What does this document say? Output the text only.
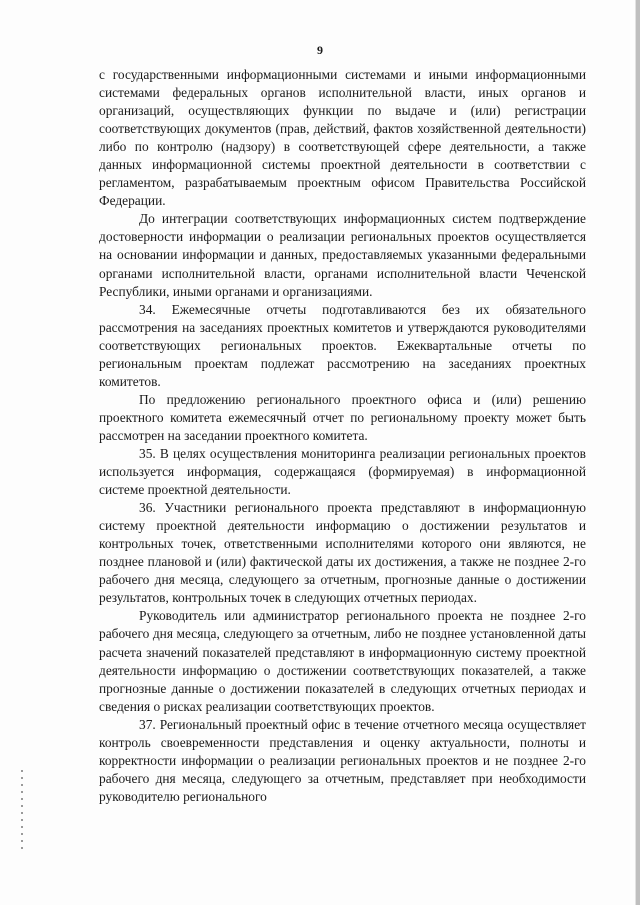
9

с государственными информационными системами и иными информационными системами федеральных органов исполнительной власти, иных органов и организаций, осуществляющих функции по выдаче и (или) регистрации соответствующих документов (прав, действий, фактов хозяйственной деятельности) либо по контролю (надзору) в соответствующей сфере деятельности, а также данных информационной системы проектной деятельности в соответствии с регламентом, разрабатываемым проектным офисом Правительства Российской Федерации.

До интеграции соответствующих информационных систем подтверждение достоверности информации о реализации региональных проектов осуществляется на основании информации и данных, предоставляемых указанными федеральными органами исполнительной власти, органами исполнительной власти Чеченской Республики, иными органами и организациями.

34. Ежемесячные отчеты подготавливаются без их обязательного рассмотрения на заседаниях проектных комитетов и утверждаются руководителями соответствующих региональных проектов. Ежеквартальные отчеты по региональным проектам подлежат рассмотрению на заседаниях проектных комитетов.

По предложению регионального проектного офиса и (или) решению проектного комитета ежемесячный отчет по региональному проекту может быть рассмотрен на заседании проектного комитета.

35. В целях осуществления мониторинга реализации региональных проектов используется информация, содержащаяся (формируемая) в информационной системе проектной деятельности.

36. Участники регионального проекта представляют в информационную систему проектной деятельности информацию о достижении результатов и контрольных точек, ответственными исполнителями которого они являются, не позднее плановой и (или) фактической даты их достижения, а также не позднее 2-го рабочего дня месяца, следующего за отчетным, прогнозные данные о достижении результатов, контрольных точек в следующих отчетных периодах.

Руководитель или администратор регионального проекта не позднее 2-го рабочего дня месяца, следующего за отчетным, либо не позднее установленной даты расчета значений показателей представляют в информационную систему проектной деятельности информацию о достижении соответствующих показателей, а также прогнозные данные о достижении показателей в следующих отчетных периодах и сведения о рисках реализации соответствующих проектов.

37. Региональный проектный офис в течение отчетного месяца осуществляет контроль своевременности представления и оценку актуальности, полноты и корректности информации о реализации региональных проектов и не позднее 2-го рабочего дня месяца, следующего за отчетным, представляет при необходимости руководителю регионального
